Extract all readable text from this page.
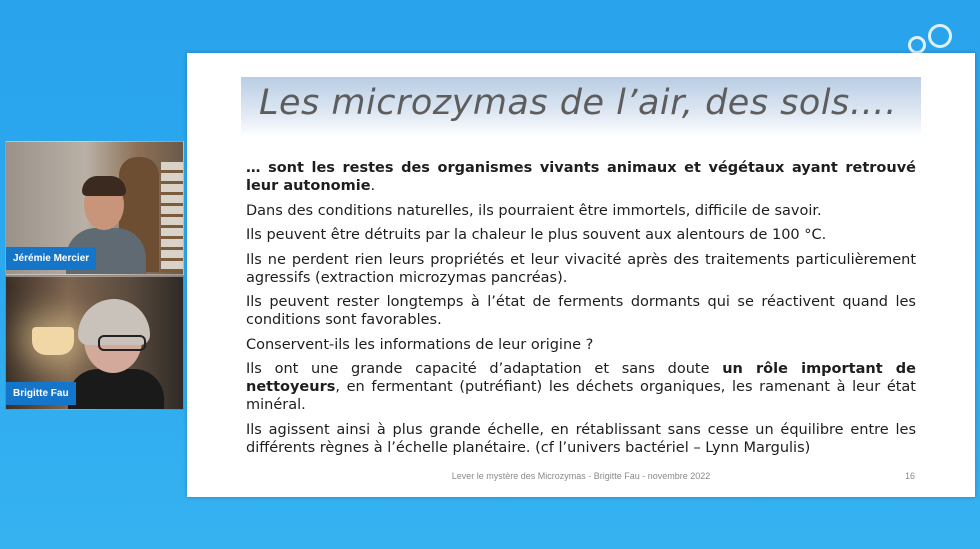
Jérémie Mercier
Brigitte Fau
Les microzymas de l’air, des sols….

… sont les restes des organismes vivants animaux et végétaux ayant retrouvé leur autonomie.

Dans des conditions naturelles, ils pourraient être immortels, difficile de savoir.

Ils peuvent être détruits par la chaleur le plus souvent aux alentours de 100 °C.

Ils ne perdent rien leurs propriétés et leur vivacité après des traitements particulièrement agressifs (extraction microzymas pancréas).

Ils peuvent rester longtemps à l’état de ferments dormants qui se réactivent quand les conditions sont favorables.

Conservent-ils les informations de leur origine ?

Ils ont une grande capacité d’adaptation et sans doute un rôle important de nettoyeurs, en fermentant (putréfiant) les déchets organiques, les ramenant à leur état minéral.

Ils agissent ainsi à plus grande échelle, en rétablissant sans cesse un équilibre entre les différents règnes à l’échelle planétaire. (cf l’univers bactériel – Lynn Margulis)

Lever le mystère des Microzymas - Brigitte Fau - novembre 2022	16
